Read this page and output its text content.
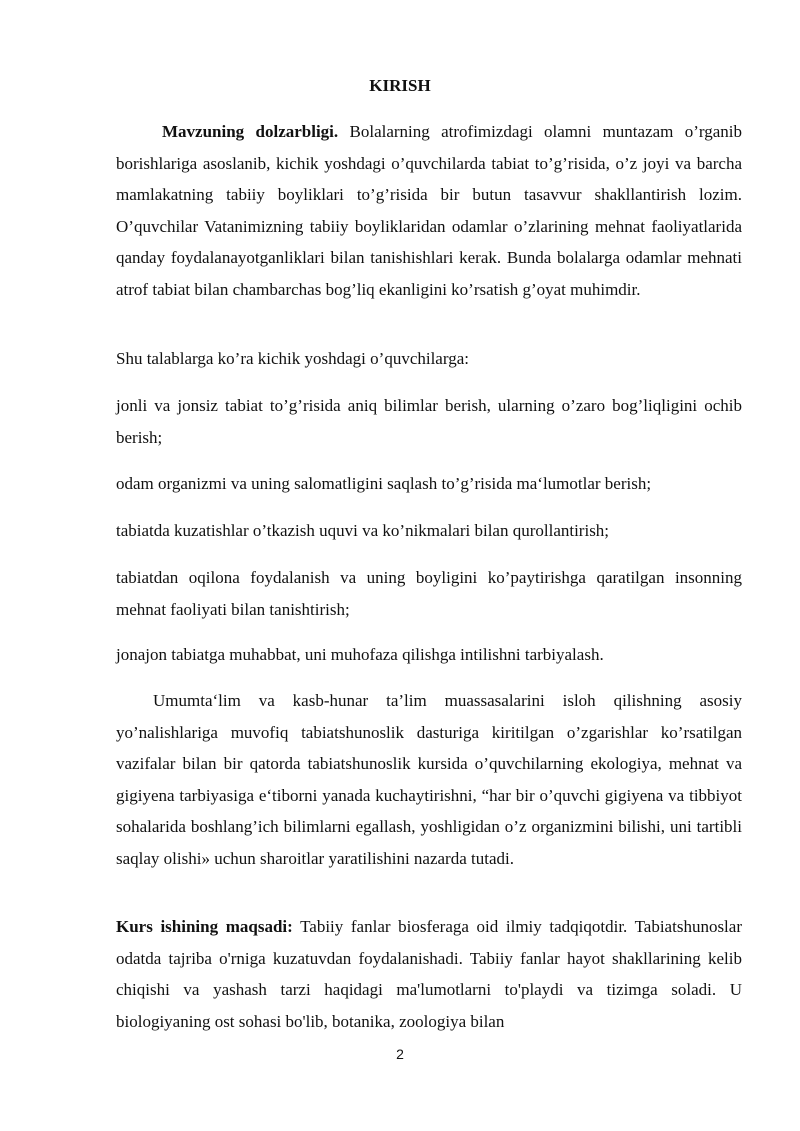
KIRISH

Mavzuning dolzarbligi. Bolalarning atrofimizdagi olamni muntazam o’rganib borishlariga asoslanib, kichik yoshdagi o’quvchilarda tabiat to’g’risida, o’z joyi va barcha mamlakatning tabiiy boyliklari to’g’risida bir butun tasavvur shakllantirish lozim. O’quvchilar Vatanimizning tabiiy boyliklaridan odamlar o’zlarining mehnat faoliyatlarida qanday foydalanayotganliklari bilan tanishishlari kerak. Bunda bolalarga odamlar mehnati atrof tabiat bilan chambarchas bog’liq ekanligini ko’rsatish g’oyat muhimdir.

Shu talablarga ko’ra kichik yoshdagi o’quvchilarga:

jonli va jonsiz tabiat to’g’risida aniq bilimlar berish, ularning o’zaro bog’liqligini ochib berish;

odam organizmi va uning salomatligini saqlash to’g’risida ma‘lumotlar berish;

tabiatda kuzatishlar o’tkazish uquvi va ko’nikmalari bilan qurollantirish;

tabiatdan oqilona foydalanish va uning boyligini ko’paytirishga qaratilgan insonning mehnat faoliyati bilan tanishtirish;

jonajon tabiatga muhabbat, uni muhofaza qilishga intilishni tarbiyalash.

Umumta‘lim va kasb-hunar ta’lim muassasalarini isloh qilishning asosiy yo’nalishlariga muvofiq tabiatshunoslik dasturiga kiritilgan o’zgarishlar ko’rsatilgan vazifalar bilan bir qatorda tabiatshunoslik kursida o’quvchilarning ekologiya, mehnat va gigiyena tarbiyasiga e‘tiborni yanada kuchaytirishni, “har bir o’quvchi gigiyena va tibbiyot sohalarida boshlang’ich bilimlarni egallash, yoshligidan o’z organizmini bilishi, uni tartibli saqlay olishi» uchun sharoitlar yaratilishini nazarda tutadi.

Kurs ishining maqsadi: Tabiiy fanlar biosferaga oid ilmiy tadqiqotdir. Tabiatshunoslar odatda tajriba o'rniga kuzatuvdan foydalanishadi. Tabiiy fanlar hayot shakllarining kelib chiqishi va yashash tarzi haqidagi ma'lumotlarni to'playdi va tizimga soladi. U biologiyaning ost sohasi bo'lib, botanika, zoologiya bilan

2
